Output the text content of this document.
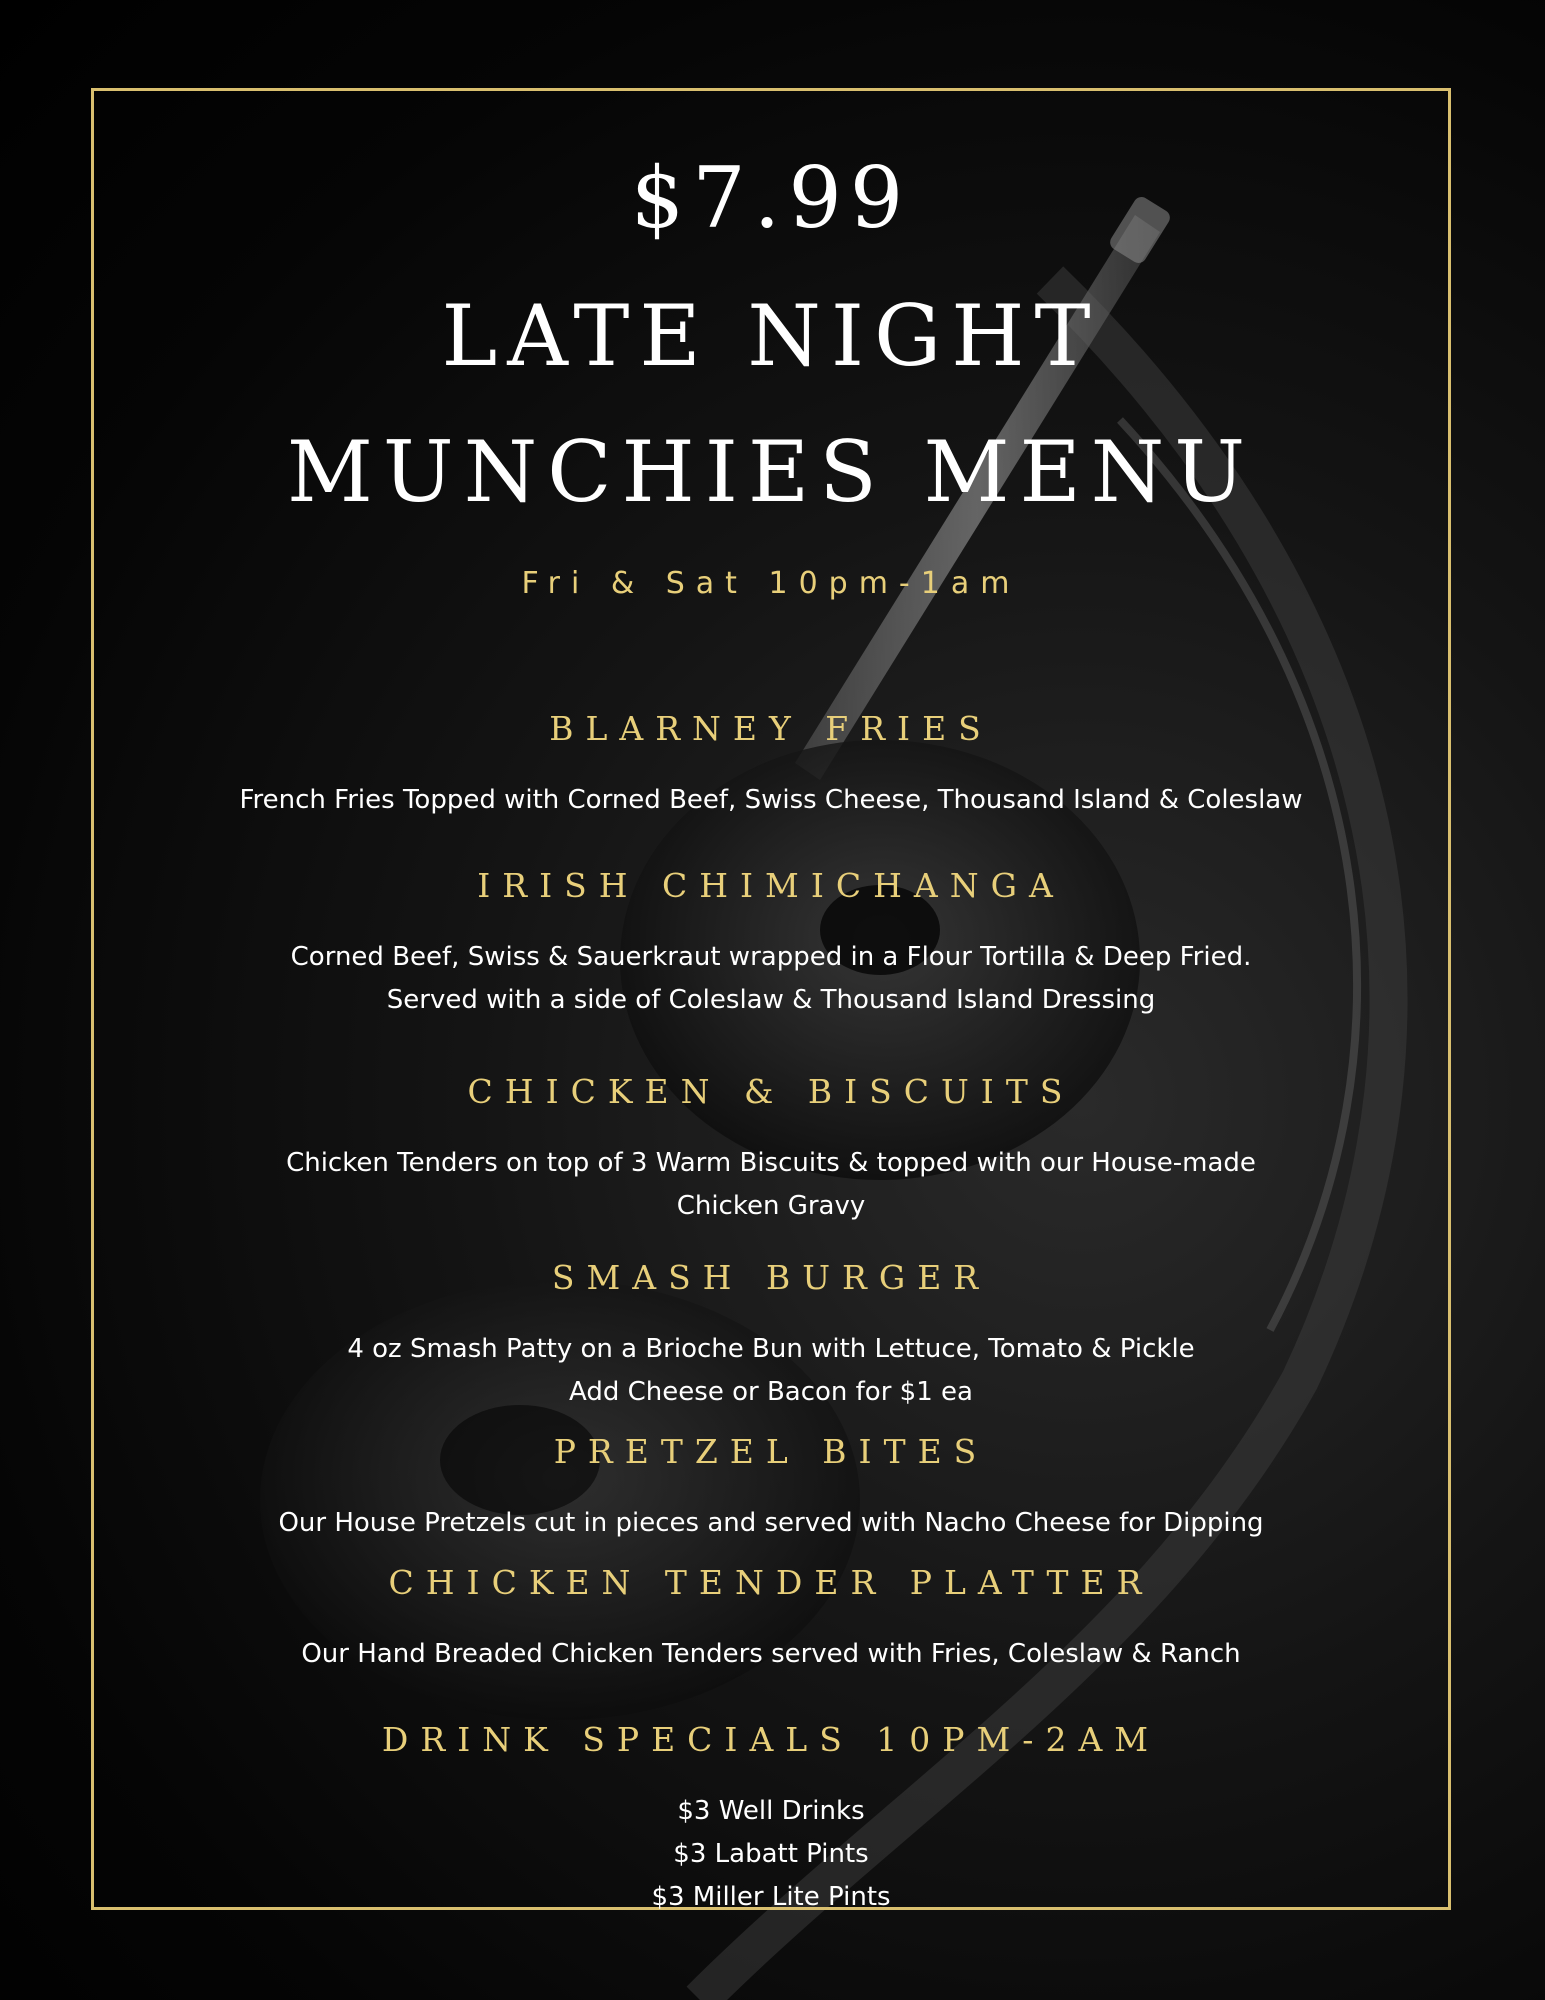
$7.99
LATE NIGHT
MUNCHIES MENU
Fri & Sat 10pm-1am
BLARNEY FRIES
French Fries Topped with Corned Beef, Swiss Cheese, Thousand Island & Coleslaw
IRISH CHIMICHANGA
Corned Beef, Swiss & Sauerkraut wrapped in a Flour Tortilla & Deep Fried.
Served with a side of Coleslaw & Thousand Island Dressing
CHICKEN & BISCUITS
Chicken Tenders on top of 3 Warm Biscuits & topped with our House-made
Chicken Gravy
SMASH BURGER
4 oz Smash Patty on a Brioche Bun with Lettuce, Tomato & Pickle
Add Cheese or Bacon for $1 ea
PRETZEL BITES
Our House Pretzels cut in pieces and served with Nacho Cheese for Dipping
CHICKEN TENDER PLATTER
Our Hand Breaded Chicken Tenders served with Fries, Coleslaw & Ranch
DRINK SPECIALS 10PM-2AM
$3 Well Drinks
$3 Labatt Pints
$3 Miller Lite Pints
